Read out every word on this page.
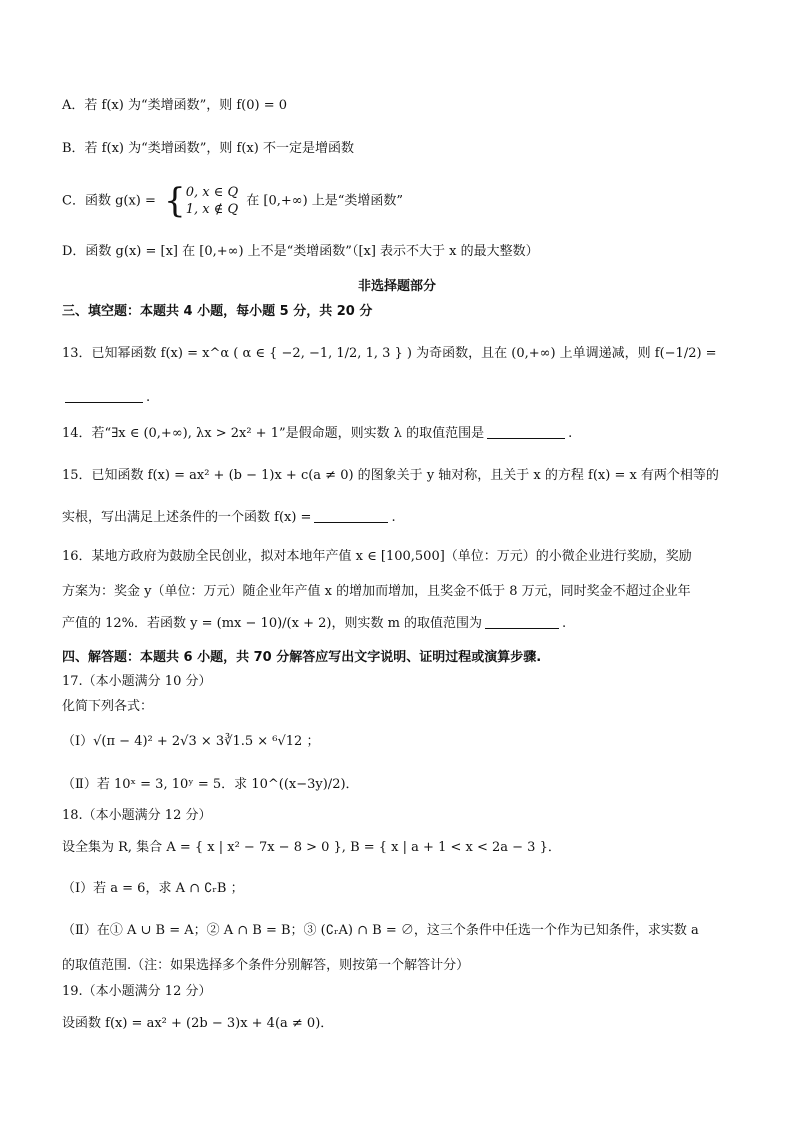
A．若 f(x) 为“类增函数”，则 f(0) = 0
B．若 f(x) 为“类增函数”，则 f(x) 不一定是增函数
C．函数 g(x) = { 0, x ∈ Q
1, x ∉ Q
在 [0,+∞) 上是“类增函数”
D．函数 g(x) = [x] 在 [0,+∞) 上不是“类增函数”（[x] 表示不大于 x 的最大整数）
非选择题部分
三、填空题：本题共 4 小题，每小题 5 分，共 20 分
13．已知幂函数 f(x) = x^α ( α ∈ { −2, −1, 1/2, 1, 3 } ) 为奇函数，且在 (0,+∞) 上单调递减，则 f(−1/2) =
.
14．若“∃x ∈ (0,+∞), λx > 2x² + 1”是假命题，则实数 λ 的取值范围是	.
15．已知函数 f(x) = ax² + (b − 1)x + c(a ≠ 0) 的图象关于 y 轴对称，且关于 x 的方程 f(x) = x 有两个相等的
实根，写出满足上述条件的一个函数 f(x) =	.
16．某地方政府为鼓励全民创业，拟对本地年产值 x ∈ [100,500]（单位：万元）的小微企业进行奖励，奖励
方案为：奖金 y（单位：万元）随企业年产值 x 的增加而增加，且奖金不低于 8 万元，同时奖金不超过企业年
产值的 12%．若函数 y = (mx − 10)/(x + 2)，则实数 m 的取值范围为	.
四、解答题：本题共 6 小题，共 70 分解答应写出文字说明、证明过程或演算步骤.
17.（本小题满分 10 分）
化简下列各式：
（Ⅰ）√(π − 4)² + 2√3 × 3∛1.5 × ⁶√12 ；
（Ⅱ）若 10ˣ = 3, 10ʸ = 5．求 10^((x−3y)/2)．
18.（本小题满分 12 分）
设全集为 R, 集合 A = { x | x² − 7x − 8 > 0 }, B = { x | a + 1 < x < 2a − 3 }．
（Ⅰ）若 a = 6，求 A ∩ ∁ᵣB ；
（Ⅱ）在① A ∪ B = A；② A ∩ B = B；③ (∁ᵣA) ∩ B = ∅，这三个条件中任选一个作为已知条件，求实数 a
的取值范围.（注：如果选择多个条件分别解答，则按第一个解答计分）
19.（本小题满分 12 分）
设函数 f(x) = ax² + (2b − 3)x + 4(a ≠ 0)．
